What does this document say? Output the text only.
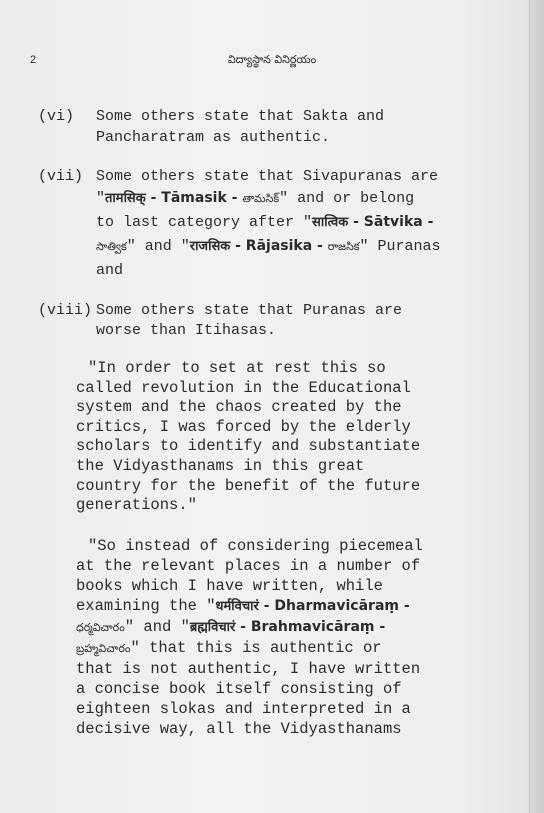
2	విద్యాస్థాన వినిర్ణయం
(vi) Some others state that Sakta and
Pancharatram as authentic.
(vii) Some others state that Sivapuranas are
"तामसिक् - Tāmasik - తామసిక్" and or belong
to last category after "सात्विक - Sātvika -
సాత్విక" and "राजसिक - Rājasika - రాజసిక" Puranas
and
(viii) Some others state that Puranas are
worse than Itihasas.
"In order to set at rest this so
called revolution in the Educational
system and the chaos created by the
critics, I was forced by the elderly
scholars to identify and substantiate
the Vidyasthanams in this great
country for the benefit of the future
generations."
"So instead of considering piecemeal
at the relevant places in a number of
books which I have written, while
examining the "धर्मविचारं - Dharmavicāraṃ -
ధర్మవిచారం" and "ब्रह्मविचारं - Brahmavicāraṃ -
బ్రహ్మవిచారం" that this is authentic or
that is not authentic, I have written
a concise book itself consisting of
eighteen slokas and interpreted in a
decisive way, all the Vidyasthanams
